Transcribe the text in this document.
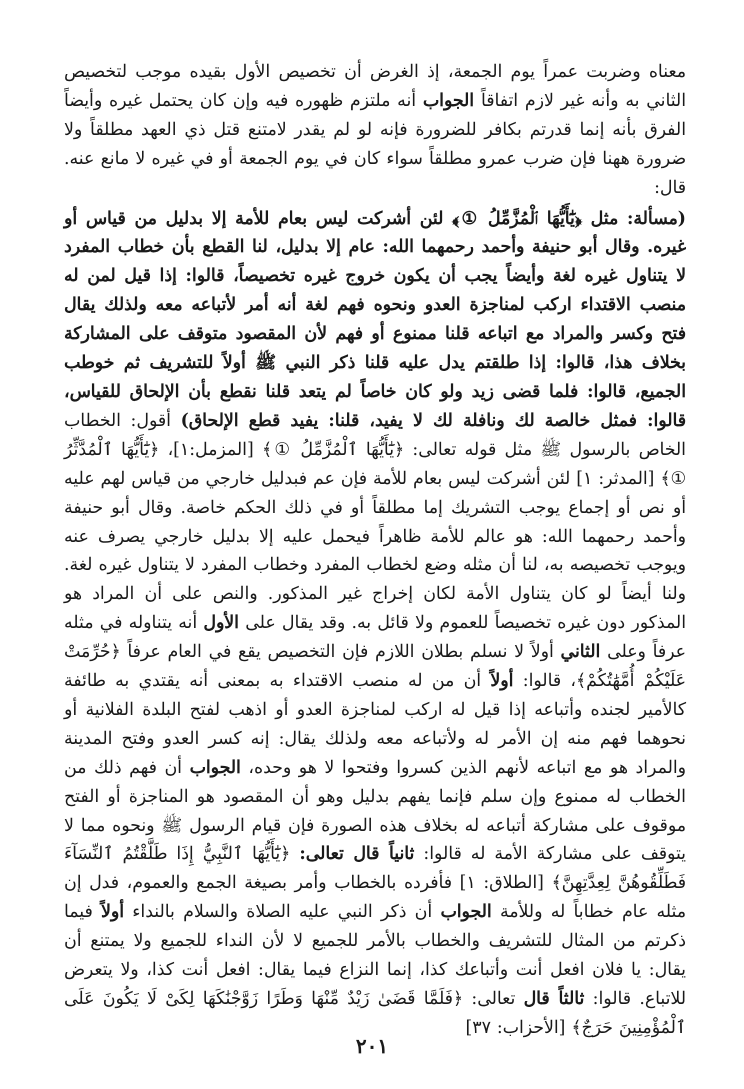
معناه وضربت عمراً يوم الجمعة، إذ الغرض أن تخصيص الأول بقيده موجب لتخصيص الثاني به وأنه غير لازم اتفاقاً الجواب أنه ملتزم ظهوره فيه وإن كان يحتمل غيره وأيضاً الفرق بأنه إنما قدرتم بكافر للضرورة فإنه لو لم يقدر لامتنع قتل ذي العهد مطلقاً ولا ضرورة ههنا فإن ضرب عمرو مطلقاً سواء كان في يوم الجمعة أو في غيره لا مانع عنه. قال:

(مسألة: مثل ﴿يَٰٓأَيُّهَا ٱلْمُزَّمِّلُ ①﴾ لئن أشركت ليس بعام للأمة إلا بدليل من قياس أو غيره. وقال أبو حنيفة وأحمد رحمهما الله: عام إلا بدليل، لنا القطع بأن خطاب المفرد لا يتناول غيره لغة وأيضاً يجب أن يكون خروج غيره تخصيصاً، قالوا: إذا قيل لمن له منصب الاقتداء اركب لمناجزة العدو ونحوه فهم لغة أنه أمر لأتباعه معه ولذلك يقال فتح وكسر والمراد مع اتباعه قلنا ممنوع أو فهم لأن المقصود متوقف على المشاركة بخلاف هذا، قالوا: إذا طلقتم يدل عليه قلنا ذكر النبي ﷺ أولاً للتشريف ثم خوطب الجميع، قالوا: فلما قضى زيد ولو كان خاصاً لم يتعد قلنا نقطع بأن الإلحاق للقياس، قالوا: فمثل خالصة لك ونافلة لك لا يفيد، قلنا: يفيد قطع الإلحاق) أقول: الخطاب الخاص بالرسول ﷺ مثل قوله تعالى: ﴿يَٰٓأَيُّهَا ٱلْمُزَّمِّلُ ①﴾ [المزمل:١]، ﴿يَٰٓأَيُّهَا ٱلْمُدَّثِّرُ ①﴾ [المدثر: ١] لئن أشركت ليس بعام للأمة فإن عم فبدليل خارجي من قياس لهم عليه أو نص أو إجماع يوجب التشريك إما مطلقاً أو في ذلك الحكم خاصة. وقال أبو حنيفة وأحمد رحمهما الله: هو عالم للأمة ظاهراً فيحمل عليه إلا بدليل خارجي يصرف عنه ويوجب تخصيصه به، لنا أن مثله وضع لخطاب المفرد وخطاب المفرد لا يتناول غيره لغة. ولنا أيضاً لو كان يتناول الأمة لكان إخراج غير المذكور. والنص على أن المراد هو المذكور دون غيره تخصيصاً للعموم ولا قائل به. وقد يقال على الأول أنه يتناوله في مثله عرفاً وعلى الثاني أولاً لا نسلم بطلان اللازم فإن التخصيص يقع في العام عرفاً ﴿حُرِّمَتْ عَلَيْكُمْ أُمَّهَٰتُكُمْ﴾، قالوا: أولاً أن من له منصب الاقتداء به بمعنى أنه يقتدي به طائفة كالأمير لجنده وأتباعه إذا قيل له اركب لمناجزة العدو أو اذهب لفتح البلدة الفلانية أو نحوهما فهم منه إن الأمر له ولأتباعه معه ولذلك يقال: إنه كسر العدو وفتح المدينة والمراد هو مع اتباعه لأنهم الذين كسروا وفتحوا لا هو وحده، الجواب أن فهم ذلك من الخطاب له ممنوع وإن سلم فإنما يفهم بدليل وهو أن المقصود هو المناجزة أو الفتح موقوف على مشاركة أتباعه له بخلاف هذه الصورة فإن قيام الرسول ﷺ ونحوه مما لا يتوقف على مشاركة الأمة له قالوا: ثانياً قال تعالى: ﴿يَٰٓأَيُّهَا ٱلنَّبِيُّ إِذَا طَلَّقْتُمُ ٱلنِّسَآءَ فَطَلِّقُوهُنَّ لِعِدَّتِهِنَّ﴾ [الطلاق: ١] فأفرده بالخطاب وأمر بصيغة الجمع والعموم، فدل إن مثله عام خطاباً له وللأمة الجواب أن ذكر النبي عليه الصلاة والسلام بالنداء أولاً فيما ذكرتم من المثال للتشريف والخطاب بالأمر للجميع لا لأن النداء للجميع ولا يمتنع أن يقال: يا فلان افعل أنت وأتباعك كذا، إنما النزاع فيما يقال: افعل أنت كذا، ولا يتعرض للاتباع. قالوا: ثالثاً قال تعالى: ﴿فَلَمَّا قَضَىٰ زَيْدٌ مِّنْهَا وَطَرًا زَوَّجْنَٰكَهَا لِكَىْ لَا يَكُونَ عَلَى ٱلْمُؤْمِنِينَ حَرَجٌ﴾ [الأحزاب: ٣٧]

٢٠١
